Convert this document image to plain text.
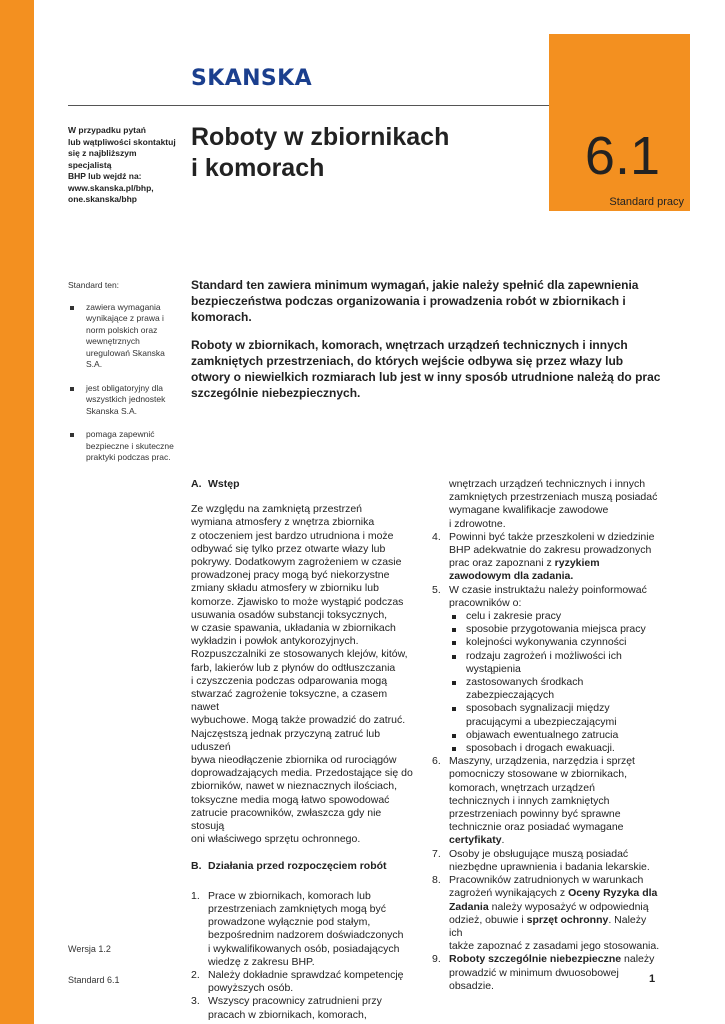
SKANSKA
6.1
Standard pracy
W przypadku pytań
lub wątpliwości skontaktuj
się z najbliższym specjalistą
BHP lub wejdź na:
www.skanska.pl/bhp,
one.skanska/bhp
Roboty w zbiornikach
i komorach
Standard ten:
zawiera wymagania wynikające z prawa i norm polskich oraz wewnętrznych uregulowań Skanska S.A.
jest obligatoryjny dla wszystkich jednostek Skanska S.A.
pomaga zapewnić bezpieczne i skuteczne praktyki podczas prac.

Standard ten zawiera minimum wymagań, jakie należy spełnić dla zapewnienia bezpieczeństwa podczas organizowania i prowadzenia robót w zbiornikach i komorach.

Roboty w zbiornikach, komorach, wnętrzach urządzeń technicznych i innych zamkniętych przestrzeniach, do których wejście odbywa się przez włazy lub otwory o niewielkich rozmiarach lub jest w inny sposób utrudnione należą do prac szczególnie niebezpiecznych.

A. Wstęp
Ze względu na zamkniętą przestrzeń
wymiana atmosfery z wnętrza zbiornika
z otoczeniem jest bardzo utrudniona i może
odbywać się tylko przez otwarte włazy lub
pokrywy. Dodatkowym zagrożeniem w czasie
prowadzonej pracy mogą być niekorzystne
zmiany składu atmosfery w zbiorniku lub
komorze. Zjawisko to może wystąpić podczas
usuwania osadów substancji toksycznych,
w czasie spawania, układania w zbiornikach
wykładzin i powłok antykorozyjnych.
Rozpuszczalniki ze stosowanych klejów, kitów,
farb, lakierów lub z płynów do odtłuszczania
i czyszczenia podczas odparowania mogą
stwarzać zagrożenie toksyczne, a czasem nawet
wybuchowe. Mogą także prowadzić do zatruć.
Najczęstszą jednak przyczyną zatruć lub uduszeń
bywa nieodłączenie zbiornika od rurociągów
doprowadzających media. Przedostające się do
zbiorników, nawet w nieznacznych ilościach,
toksyczne media mogą łatwo spowodować
zatrucie pracowników, zwłaszcza gdy nie stosują
oni właściwego sprzętu ochronnego.
B. Działania przed rozpoczęciem robót
1. Prace w zbiornikach, komorach lub
przestrzeniach zamkniętych mogą być
prowadzone wyłącznie pod stałym,
bezpośrednim nadzorem doświadczonych
i wykwalifikowanych osób, posiadających
wiedzę z zakresu BHP.
2. Należy dokładnie sprawdzać kompetencję
powyższych osób.
3. Wszyscy pracownicy zatrudnieni przy
pracach w zbiornikach, komorach,
wnętrzach urządzeń technicznych i innych
zamkniętych przestrzeniach muszą posiadać
wymagane kwalifikacje zawodowe
i zdrowotne.
4. Powinni być także przeszkoleni w dziedzinie
BHP adekwatnie do zakresu prowadzonych
prac oraz zapoznani z ryzykiem
zawodowym dla zadania.
5. W czasie instruktażu należy poinformować
pracowników o:
celu i zakresie pracy
sposobie przygotowania miejsca pracy
kolejności wykonywania czynności
rodzaju zagrożeń i możliwości ich
wystąpienia
zastosowanych środkach
zabezpieczających
sposobach sygnalizacji między
pracującymi a ubezpieczającymi
objawach ewentualnego zatrucia
sposobach i drogach ewakuacji.
6. Maszyny, urządzenia, narzędzia i sprzęt
pomocniczy stosowane w zbiornikach,
komorach, wnętrzach urządzeń
technicznych i innych zamkniętych
przestrzeniach powinny być sprawne
technicznie oraz posiadać wymagane
certyfikaty.
7. Osoby je obsługujące muszą posiadać
niezbędne uprawnienia i badania lekarskie.
8. Pracowników zatrudnionych w warunkach
zagrożeń wynikających z Oceny Ryzyka dla
Zadania należy wyposażyć w odpowiednią
odzież, obuwie i sprzęt ochronny. Należy ich
także zapoznać z zasadami jego stosowania.
9. Roboty szczególnie niebezpieczne należy
prowadzić w minimum dwuosobowej
obsadzie.
Wersja 1.2
Standard 6.1	1
